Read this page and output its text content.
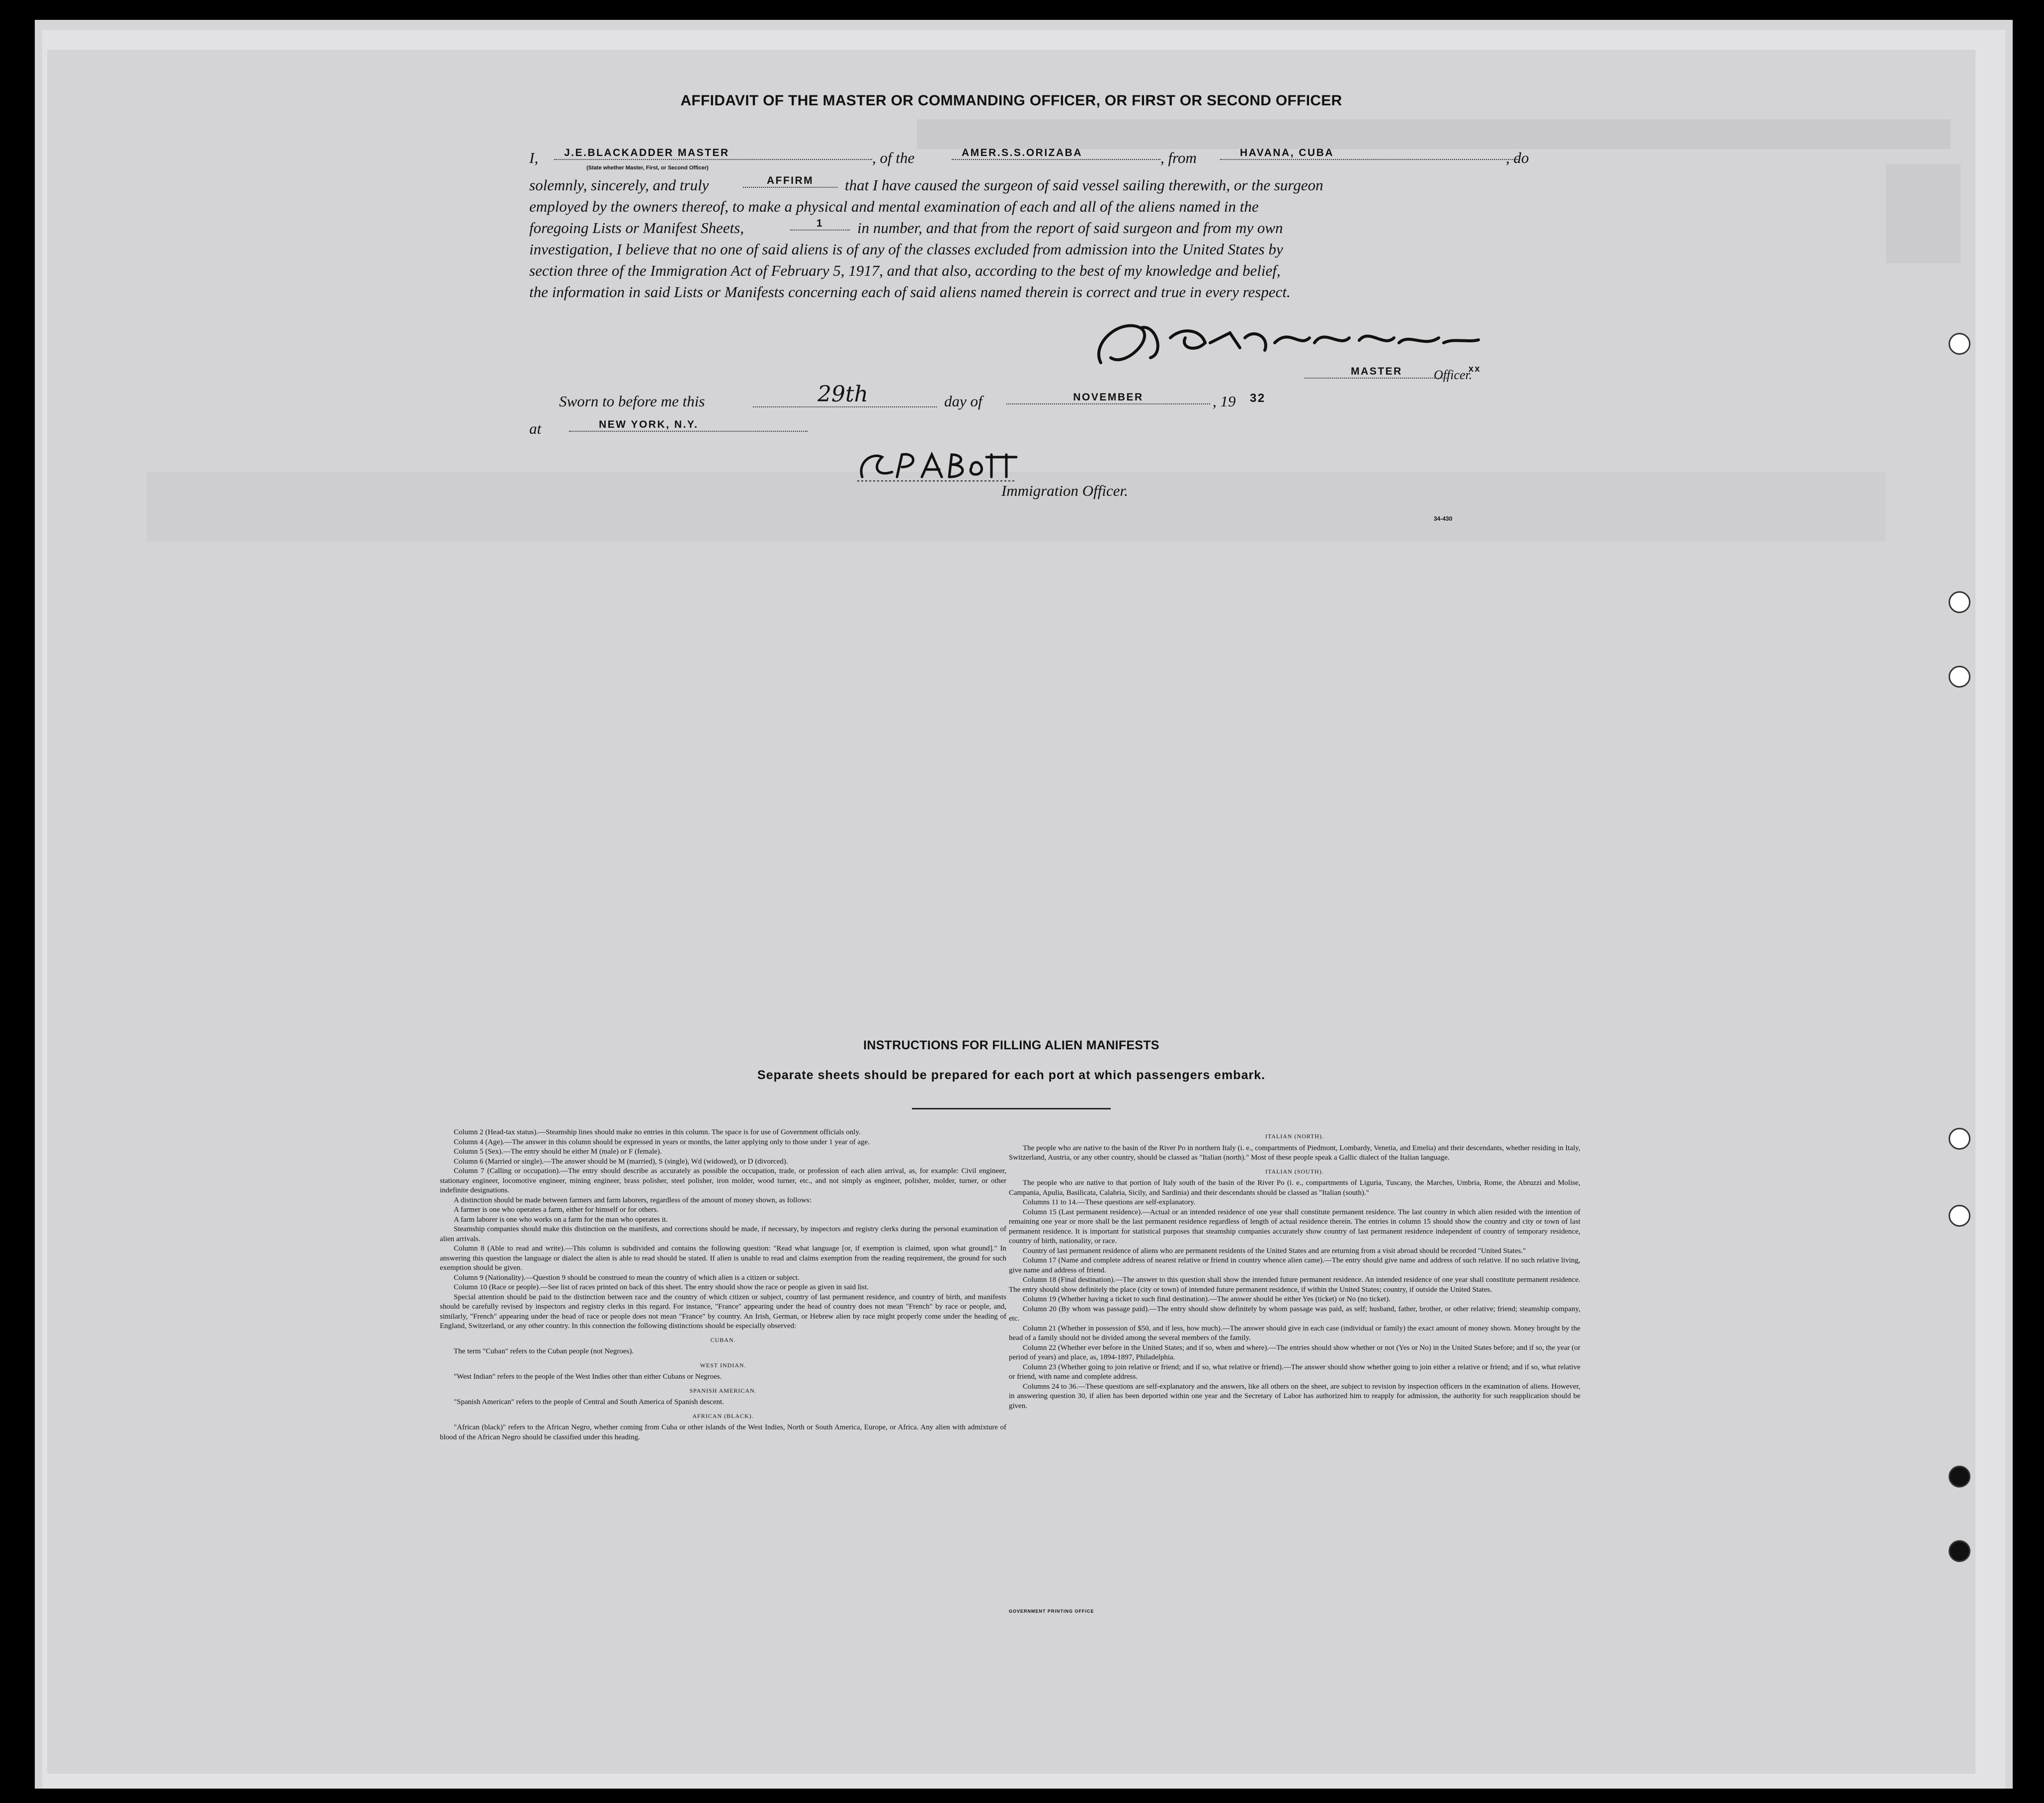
AFFIDAVIT OF THE MASTER OR COMMANDING OFFICER, OR FIRST OR SECOND OFFICER
I,	J.E.BLACKADDER MASTER
(State whether Master, First, or Second Officer)
, of the	AMER.S.S.ORIZABA	, from	HAVANA, CUBA	, do
solemnly, sincerely, and truly	AFFIRM	that I have caused the surgeon of said vessel sailing therewith, or the surgeon
employed by the owners thereof, to make a physical and mental examination of each and all of the aliens named in the
foregoing Lists or Manifest Sheets,	1	in number, and that from the report of said surgeon and from my own
investigation, I believe that no one of said aliens is of any of the classes excluded from admission into the United States by
section three of the Immigration Act of February 5, 1917, and that also, according to the best of my knowledge and belief,
the information in said Lists or Manifests concerning each of said aliens named therein is correct and true in every respect.
MASTER	Officer.
xx
Sworn to before me this	29th	day of	NOVEMBER	, 19 32
at	NEW YORK, N.Y.
Immigration Officer.
34-430
INSTRUCTIONS FOR FILLING ALIEN MANIFESTS
Separate sheets should be prepared for each port at which passengers embark.

Column 2 (Head-tax status).—Steamship lines should make no entries in this column. The space is for use of Government officials only.

Column 4 (Age).—The answer in this column should be expressed in years or months, the latter applying only to those under 1 year of age.

Column 5 (Sex).—The entry should be either M (male) or F (female).

Column 6 (Married or single).—The answer should be M (married), S (single), Wd (widowed), or D (divorced).

Column 7 (Calling or occupation).—The entry should describe as accurately as possible the occupation, trade, or profession of each alien arrival, as, for example: Civil engineer, stationary engineer, locomotive engineer, mining engineer, brass polisher, steel polisher, iron molder, wood turner, etc., and not simply as engineer, polisher, molder, turner, or other indefinite designations.

A distinction should be made between farmers and farm laborers, regardless of the amount of money shown, as follows:

A farmer is one who operates a farm, either for himself or for others.

A farm laborer is one who works on a farm for the man who operates it.

Steamship companies should make this distinction on the manifests, and corrections should be made, if necessary, by inspectors and registry clerks during the personal examination of alien arrivals.

Column 8 (Able to read and write).—This column is subdivided and contains the following question: "Read what language [or, if exemption is claimed, upon what ground]." In answering this question the language or dialect the alien is able to read should be stated. If alien is unable to read and claims exemption from the reading requirement, the ground for such exemption should be given.

Column 9 (Nationality).—Question 9 should be construed to mean the country of which alien is a citizen or subject.

Column 10 (Race or people).—See list of races printed on back of this sheet. The entry should show the race or people as given in said list.

Special attention should be paid to the distinction between race and the country of which citizen or subject, country of last permanent residence, and country of birth, and manifests should be carefully revised by inspectors and registry clerks in this regard. For instance, "France" appearing under the head of country does not mean "French" by race or people, and, similarly, "French" appearing under the head of race or people does not mean "France" by country. An Irish, German, or Hebrew alien by race might properly come under the heading of England, Switzerland, or any other country. In this connection the following distinctions should be especially observed:

CUBAN.

The term "Cuban" refers to the Cuban people (not Negroes).

WEST INDIAN.

"West Indian" refers to the people of the West Indies other than either Cubans or Negroes.

SPANISH AMERICAN.

"Spanish American" refers to the people of Central and South America of Spanish descent.

AFRICAN (BLACK).

"African (black)" refers to the African Negro, whether coming from Cuba or other islands of the West Indies, North or South America, Europe, or Africa. Any alien with admixture of blood of the African Negro should be classified under this heading.

ITALIAN (NORTH).

The people who are native to the basin of the River Po in northern Italy (i. e., compartments of Piedmont, Lombardy, Venetia, and Emelia) and their descendants, whether residing in Italy, Switzerland, Austria, or any other country, should be classed as "Italian (north)." Most of these people speak a Gallic dialect of the Italian language.

ITALIAN (SOUTH).

The people who are native to that portion of Italy south of the basin of the River Po (i. e., compartments of Liguria, Tuscany, the Marches, Umbria, Rome, the Abruzzi and Molise, Campania, Apulia, Basilicata, Calabria, Sicily, and Sardinia) and their descendants should be classed as "Italian (south)."

Columns 11 to 14.—These questions are self-explanatory.

Column 15 (Last permanent residence).—Actual or an intended residence of one year shall constitute permanent residence. The last country in which alien resided with the intention of remaining one year or more shall be the last permanent residence regardless of length of actual residence therein. The entries in column 15 should show the country and city or town of last permanent residence. It is important for statistical purposes that steamship companies accurately show country of last permanent residence independent of country of temporary residence, country of birth, nationality, or race.

Country of last permanent residence of aliens who are permanent residents of the United States and are returning from a visit abroad should be recorded "United States."

Column 17 (Name and complete address of nearest relative or friend in country whence alien came).—The entry should give name and address of such relative. If no such relative living, give name and address of friend.

Column 18 (Final destination).—The answer to this question shall show the intended future permanent residence. An intended residence of one year shall constitute permanent residence. The entry should show definitely the place (city or town) of intended future permanent residence, if within the United States; country, if outside the United States.

Column 19 (Whether having a ticket to such final destination).—The answer should be either Yes (ticket) or No (no ticket).

Column 20 (By whom was passage paid).—The entry should show definitely by whom passage was paid, as self; husband, father, brother, or other relative; friend; steamship company, etc.

Column 21 (Whether in possession of $50, and if less, how much).—The answer should give in each case (individual or family) the exact amount of money shown. Money brought by the head of a family should not be divided among the several members of the family.

Column 22 (Whether ever before in the United States; and if so, when and where).—The entries should show whether or not (Yes or No) in the United States before; and if so, the year (or period of years) and place, as, 1894-1897, Philadelphia.

Column 23 (Whether going to join relative or friend; and if so, what relative or friend).—The answer should show whether going to join either a relative or friend; and if so, what relative or friend, with name and complete address.

Columns 24 to 36.—These questions are self-explanatory and the answers, like all others on the sheet, are subject to revision by inspection officers in the examination of aliens. However, in answering question 30, if alien has been deported within one year and the Secretary of Labor has authorized him to reapply for admission, the authority for such reapplication should be given.

GOVERNMENT PRINTING OFFICE
